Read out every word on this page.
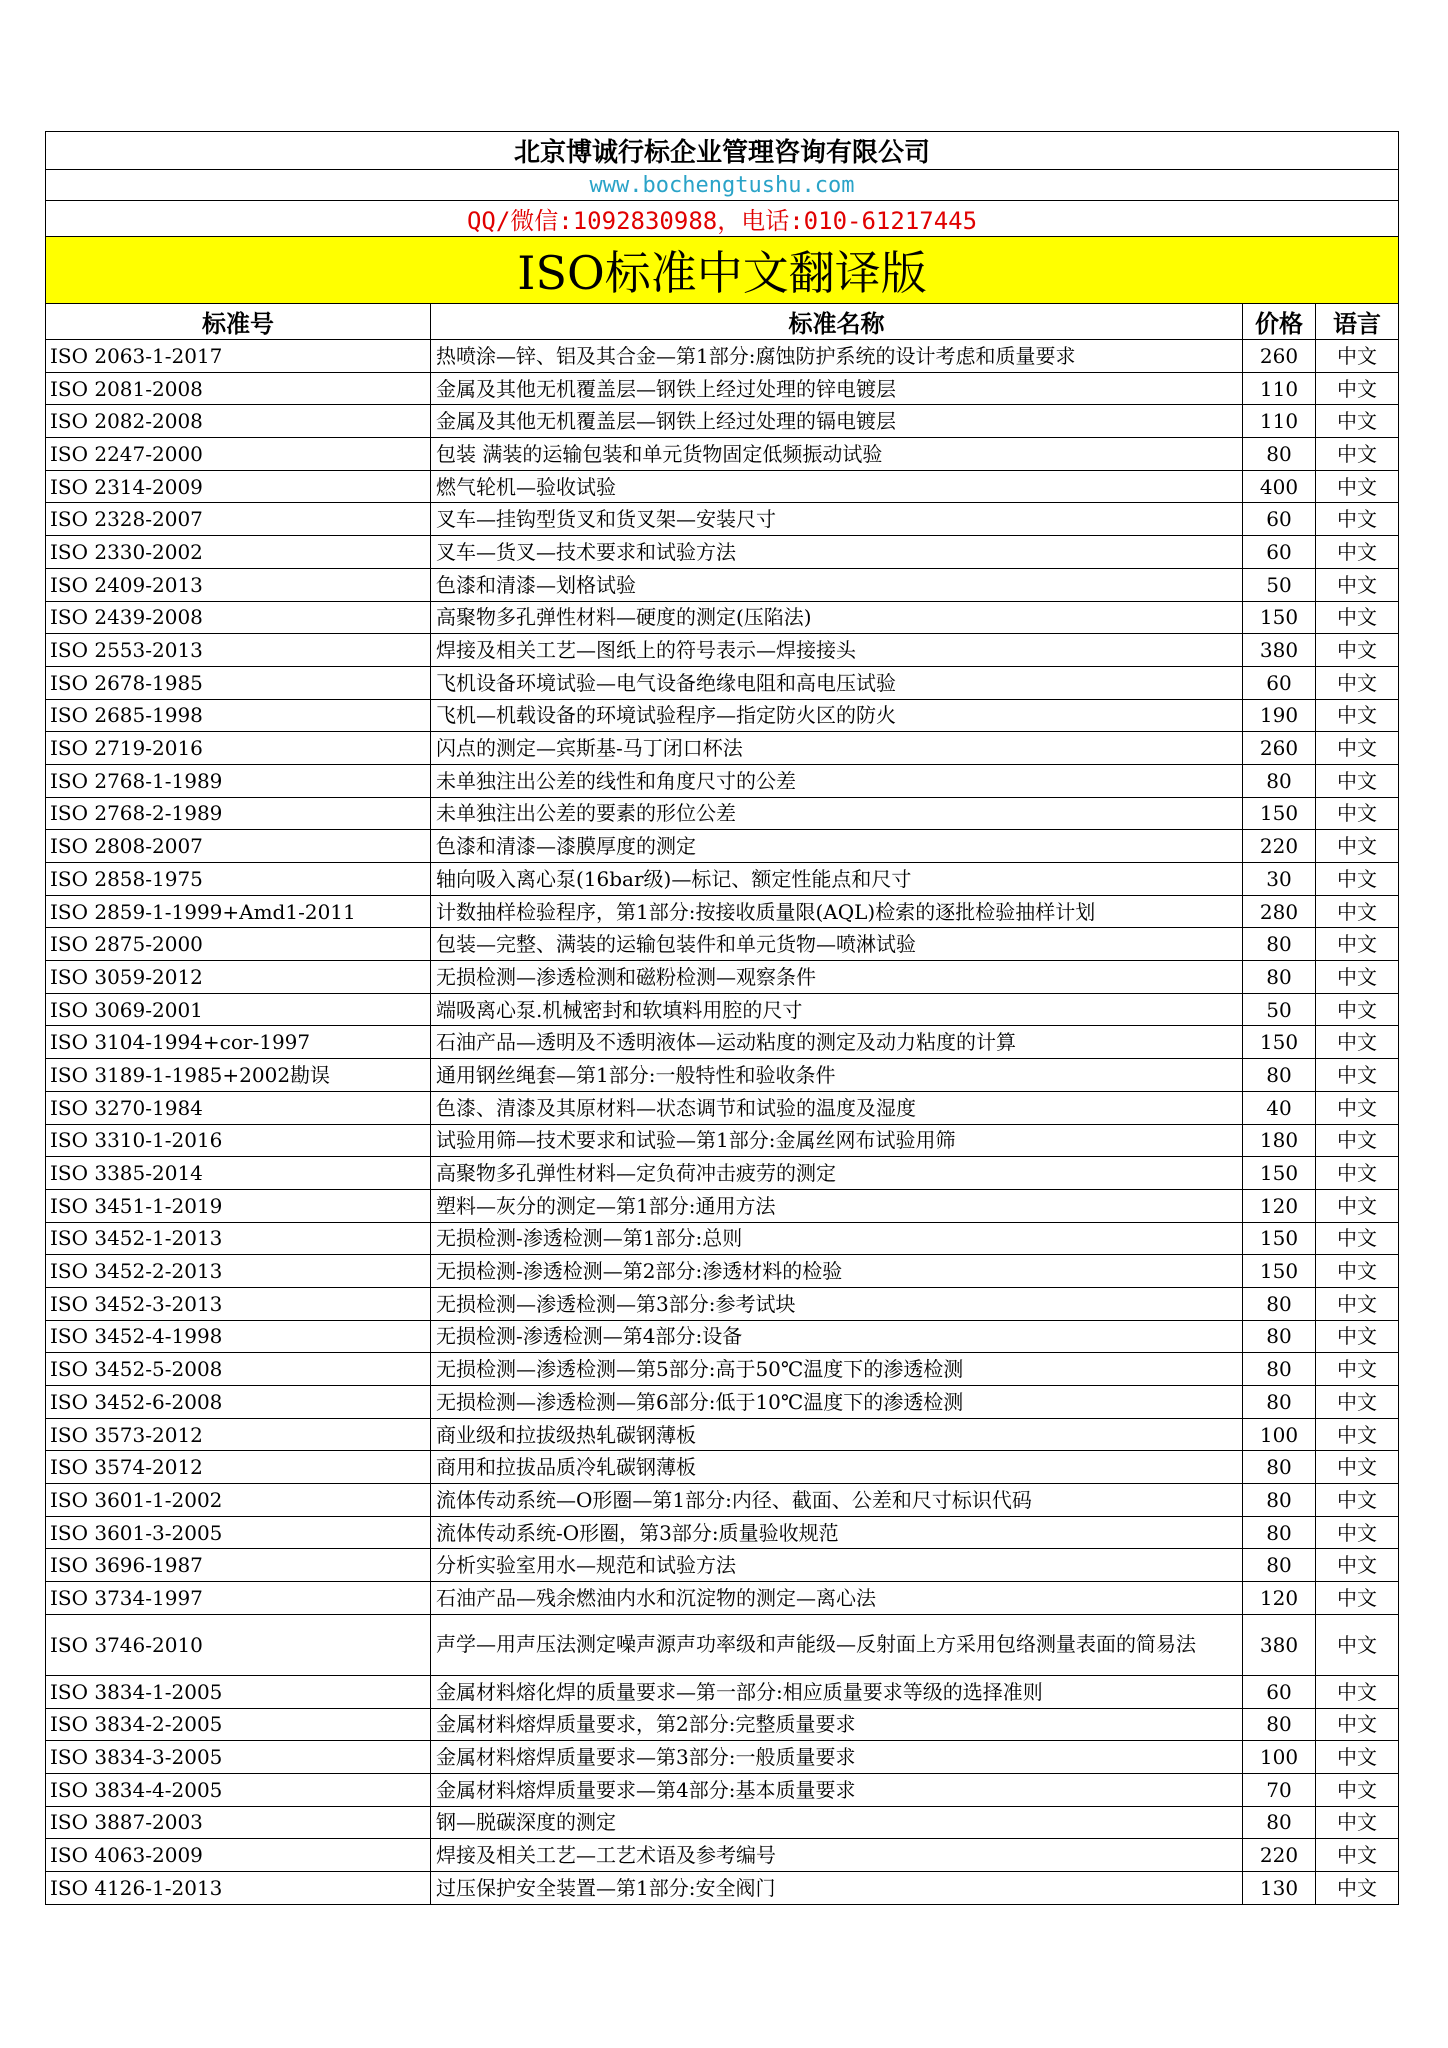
北京博诚行标企业管理咨询有限公司			
www.bochengtushu.com			
QQ/微信:1092830988，电话:010-61217445			
ISO标准中文翻译版			
标准号	标准名称	价格	语言
ISO 2063-1-2017	热喷涂—锌、铝及其合金—第1部分:腐蚀防护系统的设计考虑和质量要求	260	中文
ISO 2081-2008	金属及其他无机覆盖层—钢铁上经过处理的锌电镀层	110	中文
ISO 2082-2008	金属及其他无机覆盖层—钢铁上经过处理的镉电镀层	110	中文
ISO 2247-2000	包装 满装的运输包装和单元货物固定低频振动试验	80	中文
ISO 2314-2009	燃气轮机—验收试验	400	中文
ISO 2328-2007	叉车—挂钩型货叉和货叉架—安装尺寸	60	中文
ISO 2330-2002	叉车—货叉—技术要求和试验方法	60	中文
ISO 2409-2013	色漆和清漆—划格试验	50	中文
ISO 2439-2008	高聚物多孔弹性材料—硬度的测定(压陷法)	150	中文
ISO 2553-2013	焊接及相关工艺—图纸上的符号表示—焊接接头	380	中文
ISO 2678-1985	飞机设备环境试验—电气设备绝缘电阻和高电压试验	60	中文
ISO 2685-1998	飞机—机载设备的环境试验程序—指定防火区的防火	190	中文
ISO 2719-2016	闪点的测定—宾斯基-马丁闭口杯法	260	中文
ISO 2768-1-1989	未单独注出公差的线性和角度尺寸的公差	80	中文
ISO 2768-2-1989	未单独注出公差的要素的形位公差	150	中文
ISO 2808-2007	色漆和清漆—漆膜厚度的测定	220	中文
ISO 2858-1975	轴向吸入离心泵(16bar级)—标记、额定性能点和尺寸	30	中文
ISO 2859-1-1999+Amd1-2011	计数抽样检验程序，第1部分:按接收质量限(AQL)检索的逐批检验抽样计划	280	中文
ISO 2875-2000	包装—完整、满装的运输包装件和单元货物—喷淋试验	80	中文
ISO 3059-2012	无损检测—渗透检测和磁粉检测—观察条件	80	中文
ISO 3069-2001	端吸离心泵.机械密封和软填料用腔的尺寸	50	中文
ISO 3104-1994+cor-1997	石油产品—透明及不透明液体—运动粘度的测定及动力粘度的计算	150	中文
ISO 3189-1-1985+2002勘误	通用钢丝绳套—第1部分:一般特性和验收条件	80	中文
ISO 3270-1984	色漆、清漆及其原材料—状态调节和试验的温度及湿度	40	中文
ISO 3310-1-2016	试验用筛—技术要求和试验—第1部分:金属丝网布试验用筛	180	中文
ISO 3385-2014	高聚物多孔弹性材料—定负荷冲击疲劳的测定	150	中文
ISO 3451-1-2019	塑料—灰分的测定—第1部分:通用方法	120	中文
ISO 3452-1-2013	无损检测-渗透检测—第1部分:总则	150	中文
ISO 3452-2-2013	无损检测-渗透检测—第2部分:渗透材料的检验	150	中文
ISO 3452-3-2013	无损检测—渗透检测—第3部分:参考试块	80	中文
ISO 3452-4-1998	无损检测-渗透检测—第4部分:设备	80	中文
ISO 3452-5-2008	无损检测—渗透检测—第5部分:高于50℃温度下的渗透检测	80	中文
ISO 3452-6-2008	无损检测—渗透检测—第6部分:低于10℃温度下的渗透检测	80	中文
ISO 3573-2012	商业级和拉拔级热轧碳钢薄板	100	中文
ISO 3574-2012	商用和拉拔品质冷轧碳钢薄板	80	中文
ISO 3601-1-2002	流体传动系统—O形圈—第1部分:内径、截面、公差和尺寸标识代码	80	中文
ISO 3601-3-2005	流体传动系统-O形圈，第3部分:质量验收规范	80	中文
ISO 3696-1987	分析实验室用水—规范和试验方法	80	中文
ISO 3734-1997	石油产品—残余燃油内水和沉淀物的测定—离心法	120	中文
ISO 3746-2010	声学—用声压法测定噪声源声功率级和声能级—反射面上方采用包络测量表面的简易法	380	中文
ISO 3834-1-2005	金属材料熔化焊的质量要求—第一部分:相应质量要求等级的选择准则	60	中文
ISO 3834-2-2005	金属材料熔焊质量要求，第2部分:完整质量要求	80	中文
ISO 3834-3-2005	金属材料熔焊质量要求—第3部分:一般质量要求	100	中文
ISO 3834-4-2005	金属材料熔焊质量要求—第4部分:基本质量要求	70	中文
ISO 3887-2003	钢—脱碳深度的测定	80	中文
ISO 4063-2009	焊接及相关工艺—工艺术语及参考编号	220	中文
ISO 4126-1-2013	过压保护安全装置—第1部分:安全阀门	130	中文
